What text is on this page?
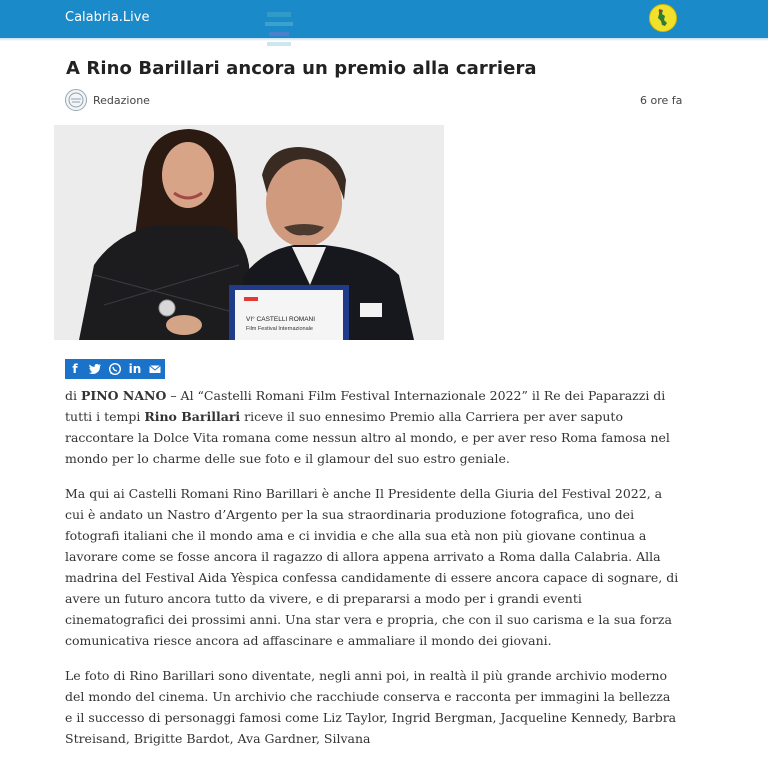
Calabria.Live
A Rino Barillari ancora un premio alla carriera
Redazione	6 ore fa
VI° CASTELLI ROMANI
Film Festival Internazionale
f	in

di PINO NANO – Al “Castelli Romani Film Festival Internazionale 2022” il Re dei Paparazzi di tutti i tempi Rino Barillari riceve il suo ennesimo Premio alla Carriera per aver saputo raccontare la Dolce Vita romana come nessun altro al mondo, e per aver reso Roma famosa nel mondo per lo charme delle sue foto e il glamour del suo estro geniale.

Ma qui ai Castelli Romani Rino Barillari è anche Il Presidente della Giuria del Festival 2022, a cui è andato un Nastro d’Argento per la sua straordinaria produzione fotografica, uno dei fotografi italiani che il mondo ama e ci invidia e che alla sua età non più giovane continua a lavorare come se fosse ancora il ragazzo di allora appena arrivato a Roma dalla Calabria. Alla madrina del Festival Aida Yèspica confessa candidamente di essere ancora capace di sognare, di avere un futuro ancora tutto da vivere, e di prepararsi a modo per i grandi eventi cinematografici dei prossimi anni. Una star vera e propria, che con il suo carisma e la sua forza comunicativa riesce ancora ad affascinare e ammaliare il mondo dei giovani.

Le foto di Rino Barillari sono diventate, negli anni poi, in realtà il più grande archivio moderno del mondo del cinema. Un archivio che racchiude conserva e racconta per immagini la bellezza e il successo di personaggi famosi come Liz Taylor, Ingrid Bergman, Jacqueline Kennedy, Barbra Streisand, Brigitte Bardot, Ava Gardner, Silvana
